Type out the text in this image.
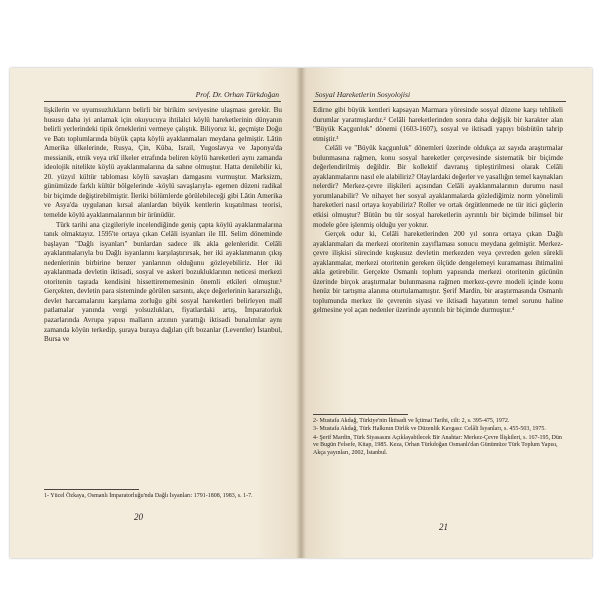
Prof. Dr. Orhan Türkdoğan

lişkilerin ve uyumsuzlukların belirli bir birikim seviyesine ulaşması gerekir. Bu hususu daha iyi anlamak için okuyucuya ihtilalci köylü hareketlerinin dünyanın belirli yerlerindeki tipik örneklerini vermeye çalıştık. Biliyoruz ki, geçmişte Doğu ve Batı toplumlarında büyük çapta köylü ayaklanmaları meydana gelmiştir. Lâtin Amerika ülkelerinde, Rusya, Çin, Küba, Israil, Yugoslavya ve Japonya'da messianik, etnik veya ırkî ilkeler etrafında beliren köylü hareketleri aynı zamanda ideolojik nitelikte köylü ayaklanmalarına da sahne olmuştur. Hatta denilebilir ki, 20. yüzyıl kültür tabloması köylü savaşları damgasını vurmuştur. Marksizm, günümüzde farklı kültür bölgelerinde -köylü savaşlarıyla- egemen düzeni radikal bir biçimde değiştirebilmiştir. İleriki bölümlerde görülebileceği gibi Lâtin Amerika ve Asya'da uygulanan kırsal alanlardan büyük kentlerin kuşatılması teorisi, temelde köylü ayaklanmalarının bir ürünüdür.

Türk tarihi ana çizgileriyle incelendiğinde geniş çapta köylü ayaklanmalarına tanık olmaktayız. 1595'te ortaya çıkan Celâli isyanları ile III. Selim döneminde başlayan "Dağlı isyanları" bunlardan sadece ilk akla gelenleridir. Celâli ayaklanmalarıyla bu Dağlı isyanlarını karşılaştırırsak, her iki ayaklanmanın çıkış nedenlerinin birbirine benzer yanlarının olduğunu gözleyebiliriz. Her iki ayaklanmada devletin iktisadi, sosyal ve askeri bozukluklarının neticesi merkezi otoritenin taşrada kendisini hissettirememesinin önemli etkileri olmuştur.¹ Gerçekten, devletin para sisteminde görülen sarsıntı, akçe değerlerinin kararsızlığı, devlet harcamalarını karşılama zorluğu gibi sosyal hareketleri belirleyen malî patlamalar yanında vergi yolsuzlukları, fiyatlardaki artış, İmparatorluk pazarlarında Avrupa yapısı malların arzının yarattığı iktisadi bunalımlar aynı zamanda köyün terkedip, şuraya buraya dağılan çift bozanlar (Leventler) İstanbul, Bursa ve

1- Yücel Özkaya, Osmanlı İmparatorluğu'nda Dağlı İsyanları: 1791-1808, 1983, s. 1-7.

20
Sosyal Hareketlerin Sosyolojisi

Edirne gibi büyük kentleri kapsayan Marmara yöresinde sosyal düzene karşı tehlikeli durumlar yaratmışlardır.² Celâli hareketlerinden sonra daha değişik bir karakter alan "Büyük Kaçgunluk" dönemi (1603-1607), sosyal ve iktisadi yapıyı büsbütün tahrip etmiştir.³

Celâli ve "Büyük kaçgunluk" dönemleri üzerinde oldukça az sayıda araştırmalar bulunmasına rağmen, konu sosyal hareketler çerçevesinde sistematik bir biçimde değerlendirilmiş değildir. Bir kollektif davranış tipleştirilmesi olarak Celâli ayaklanmalarını nasıl ele alabiliriz? Olaylardaki değerler ve yasallığın temel kaynakları nelerdir? Merkez-çevre ilişkileri açısından Celâli ayaklanmalarının durumu nasıl yorumlanabilir? Ve nihayet her sosyal ayaklanmalarda gözlediğimiz norm yönelimli hareketleri nasıl ortaya koyabiliriz? Roller ve ortak örgütlenmede ne tür itici güçlerin etkisi olmuştur? Bütün bu tür sosyal hareketlerin ayrıntılı bir biçimde bilimsel bir modele göre işlenmiş olduğu yer yoktur.

Gerçek odur ki, Celâli hareketlerinden 200 yıl sonra ortaya çıkan Dağlı ayaklanmaları da merkezi otoritenin zayıflaması sonucu meydana gelmiştir. Merkez-çevre ilişkisi sürecinde kuşkusuz devletin merkezden veya çevreden gelen sürekli ayaklanmalar, merkezi otoritenin gereken ölçüde dengelemeyi kuramaması ihtimalini akla getirebilir. Gerçekte Osmanlı toplum yapısında merkezi otoritenin gücünün üzerinde birçok araştırmalar bulunmasına rağmen merkez-çevre modeli içinde konu henüz bir tartışma alanına oturtulamamıştır. Şerif Mardin, bir araştırmasında Osmanlı toplumunda merkez ile çevrenin siyasi ve iktisadi hayatının temel sorunu haline gelmesine yol açan nedenler üzerinde ayrıntılı bir biçimde durmuştur.⁴

2- Mustafa Akdağ, Türkiye'nin İktisadi ve İçtimai Tarihi, cilt: 2, s. 395-475, 1972.

3- Mustafa Akdağ, Türk Halkının Dirlik ve Düzenlik Kavgası: Celâli İsyanları, s. 455-503, 1975.

4- Şerif Mardin, Türk Siyasasını Açıklayabilecek Bir Anahtar: Merkez-Çevre İlişkileri, s. 167-195, Dün ve Bugün Felsefe, Kitap, 1985. Keza, Orhan Türkdoğan Osmanlı'dan Günümüze Türk Toplum Yapısı, Akça yayınları, 2002, İstanbul.

21
